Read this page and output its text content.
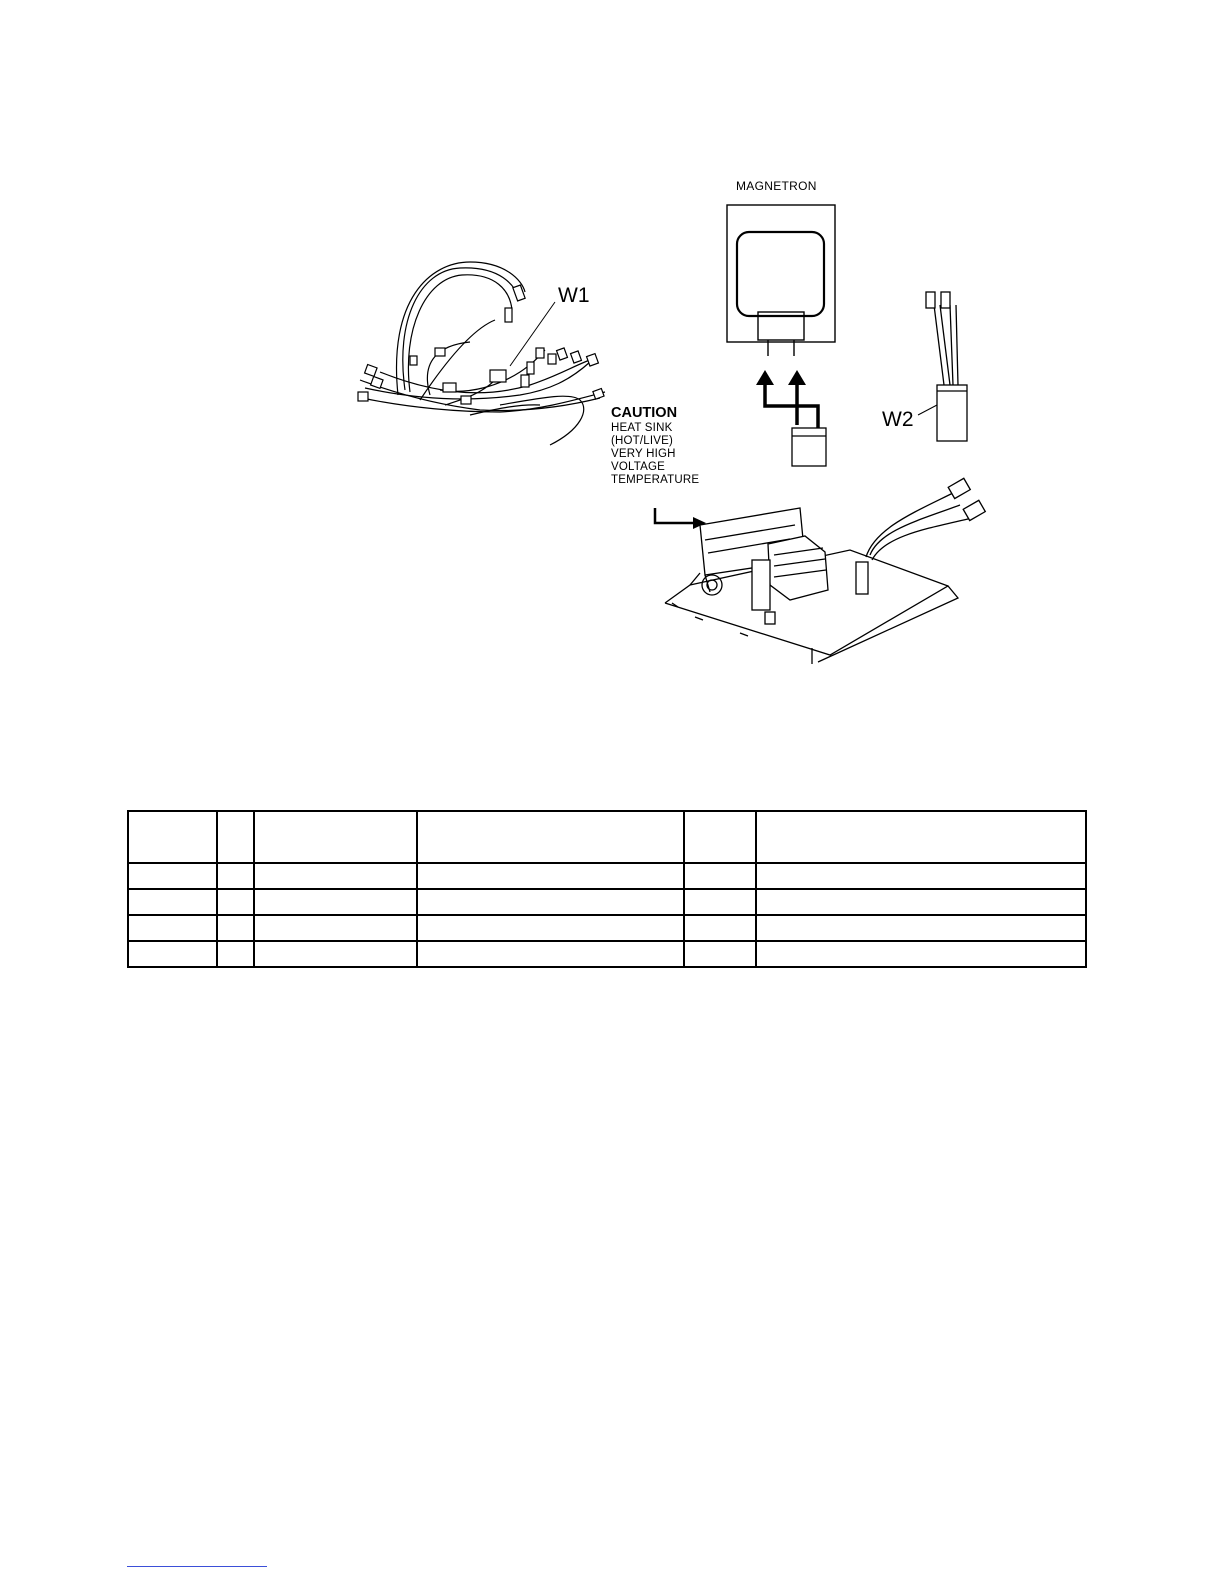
MAGNETRON
W1
W2
CAUTION
HEAT SINK
(HOT/LIVE)
VERY HIGH
VOLTAGE
TEMPERATURE
